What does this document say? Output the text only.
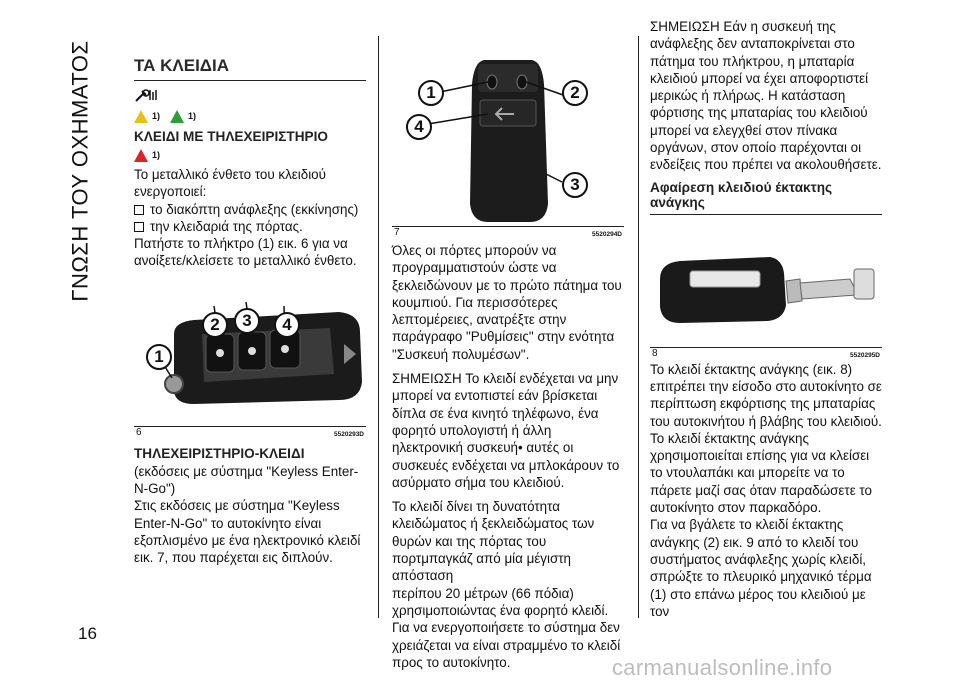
ΓΝΩΣΗ ΤΟΥ ΟΧΗΜΑΤΟΣ
16
ΤΑ ΚΛΕΙΔΙΑ
1)	1)
ΚΛΕΙΔΙ ΜΕ ΤΗΛΕΧΕΙΡΙΣΤΗΡΙΟ
1)

Το μεταλλικό ένθετο του κλειδιού ενεργοποιεί:

το διακόπτη ανάφλεξης (εκκίνησης)
την κλειδαριά της πόρτας.

Πατήστε το πλήκτρο (1) εικ. 6 για να ανοίξετε/κλείσετε το μεταλλικό ένθετο.

1
2	3	4
6	5520293D
ΤΗΛΕΧΕΙΡΙΣΤΗΡΙΟ-ΚΛΕΙΔΙ

(εκδόσεις με σύστημα "Keyless Enter-N-Go")

Στις εκδόσεις με σύστημα "Keyless Enter-N-Go" το αυτοκίνητο είναι εξοπλισμένο με ένα ηλεκτρονικό κλειδί εικ. 7, που παρέχεται εις διπλούν.

1	2
3
4
7	5520294D

Όλες οι πόρτες μπορούν να προγραμματιστούν ώστε να ξεκλειδώνουν με το πρώτο πάτημα του κουμπιού. Για περισσότερες λεπτομέρειες, ανατρέξτε στην παράγραφο "Ρυθμίσεις" στην ενότητα "Συσκευή πολυμέσων".

ΣΗΜΕΙΩΣΗ Το κλειδί ενδέχεται να μην μπορεί να εντοπιστεί εάν βρίσκεται δίπλα σε ένα κινητό τηλέφωνο, ένα φορητό υπολογιστή ή άλλη ηλεκτρονική συσκευή• αυτές οι συσκευές ενδέχεται να μπλοκάρουν το ασύρματο σήμα του κλειδιού.

Το κλειδί δίνει τη δυνατότητα κλειδώματος ή ξεκλειδώματος των θυρών και της πόρτας του πορτμπαγκάζ από μία μέγιστη απόσταση

περίπου 20 μέτρων (66 πόδια) χρησιμοποιώντας ένα φορητό κλειδί. Για να ενεργοποιήσετε το σύστημα δεν χρειάζεται να είναι στραμμένο το κλειδί προς το αυτοκίνητο.

ΣΗΜΕΙΩΣΗ Εάν η συσκευή της ανάφλεξης δεν ανταποκρίνεται στο πάτημα του πλήκτρου, η μπαταρία κλειδιού μπορεί να έχει αποφορτιστεί μερικώς ή πλήρως. Η κατάσταση φόρτισης της μπαταρίας του κλειδιού μπορεί να ελεγχθεί στον πίνακα οργάνων, στον οποίο παρέχονται οι ενδείξεις που πρέπει να ακολουθήσετε.

Αφαίρεση κλειδιού έκτακτης ανάγκης
8	5520295D

Το κλειδί έκτακτης ανάγκης (εικ. 8) επιτρέπει την είσοδο στο αυτοκίνητο σε περίπτωση εκφόρτισης της μπαταρίας του αυτοκινήτου ή βλάβης του κλειδιού. Το κλειδί έκτακτης ανάγκης χρησιμοποιείται επίσης για να κλείσει το ντουλαπάκι και μπορείτε να το πάρετε μαζί σας όταν παραδώσετε το αυτοκίνητο στον παρκαδόρο.

Για να βγάλετε το κλειδί έκτακτης ανάγκης (2) εικ. 9 από το κλειδί του συστήματος ανάφλεξης χωρίς κλειδί, σπρώξτε το πλευρικό μηχανικό τέρμα (1) στο επάνω μέρος του κλειδιού με τον

carmanualsonline.info
